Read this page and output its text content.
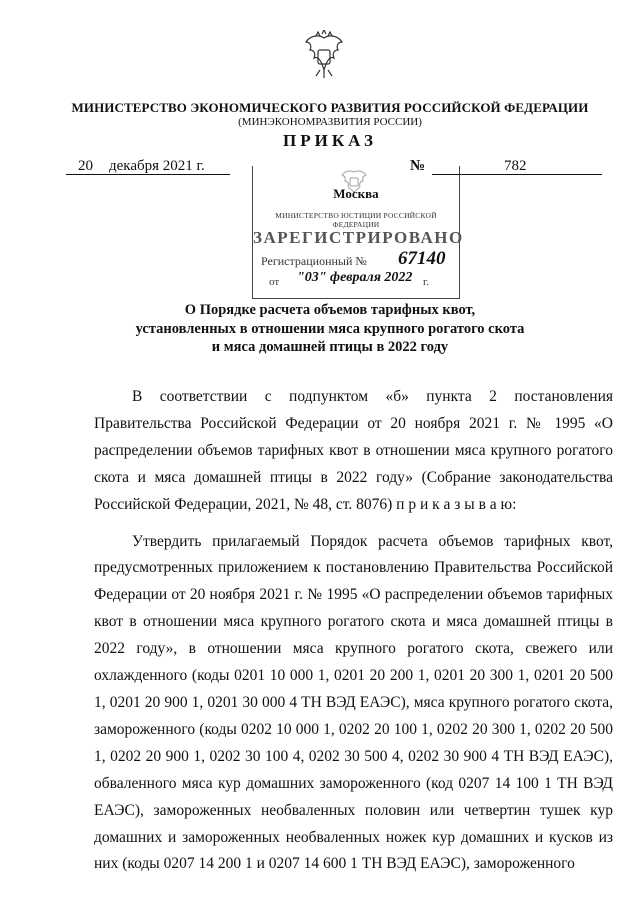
МИНИСТЕРСТВО ЭКОНОМИЧЕСКОГО РАЗВИТИЯ РОССИЙСКОЙ ФЕДЕРАЦИИ
(МИНЭКОНОМРАЗВИТИЯ РОССИИ)
ПРИКАЗ
20 декабря 2021 г.	№	782
Москва
МИНИСТЕРСТВО ЮСТИЦИИ РОССИЙСКОЙ ФЕДЕРАЦИИ
ЗАРЕГИСТРИРОВАНО
Регистрационный № 67140
от "03" февраля 2022 г.
О Порядке расчета объемов тарифных квот,
установленных в отношении мяса крупного рогатого скота
и мяса домашней птицы в 2022 году

В соответствии с подпунктом «б» пункта 2 постановления Правительства Российской Федерации от 20 ноября 2021 г. № 1995 «О распределении объемов тарифных квот в отношении мяса крупного рогатого скота и мяса домашней птицы в 2022 году» (Собрание законодательства Российской Федерации, 2021, № 48, ст. 8076) п р и к а з ы в а ю:

Утвердить прилагаемый Порядок расчета объемов тарифных квот, предусмотренных приложением к постановлению Правительства Российской Федерации от 20 ноября 2021 г. № 1995 «О распределении объемов тарифных квот в отношении мяса крупного рогатого скота и мяса домашней птицы в 2022 году», в отношении мяса крупного рогатого скота, свежего или охлажденного (коды 0201 10 000 1, 0201 20 200 1, 0201 20 300 1, 0201 20 500 1, 0201 20 900 1, 0201 30 000 4 ТН ВЭД ЕАЭС), мяса крупного рогатого скота, замороженного (коды 0202 10 000 1, 0202 20 100 1, 0202 20 300 1, 0202 20 500 1, 0202 20 900 1, 0202 30 100 4, 0202 30 500 4, 0202 30 900 4 ТН ВЭД ЕАЭС), обваленного мяса кур домашних замороженного (код 0207 14 100 1 ТН ВЭД ЕАЭС), замороженных необваленных половин или четвертин тушек кур домашних и замороженных необваленных ножек кур домашних и кусков из них (коды 0207 14 200 1 и 0207 14 600 1 ТН ВЭД ЕАЭС), замороженного
